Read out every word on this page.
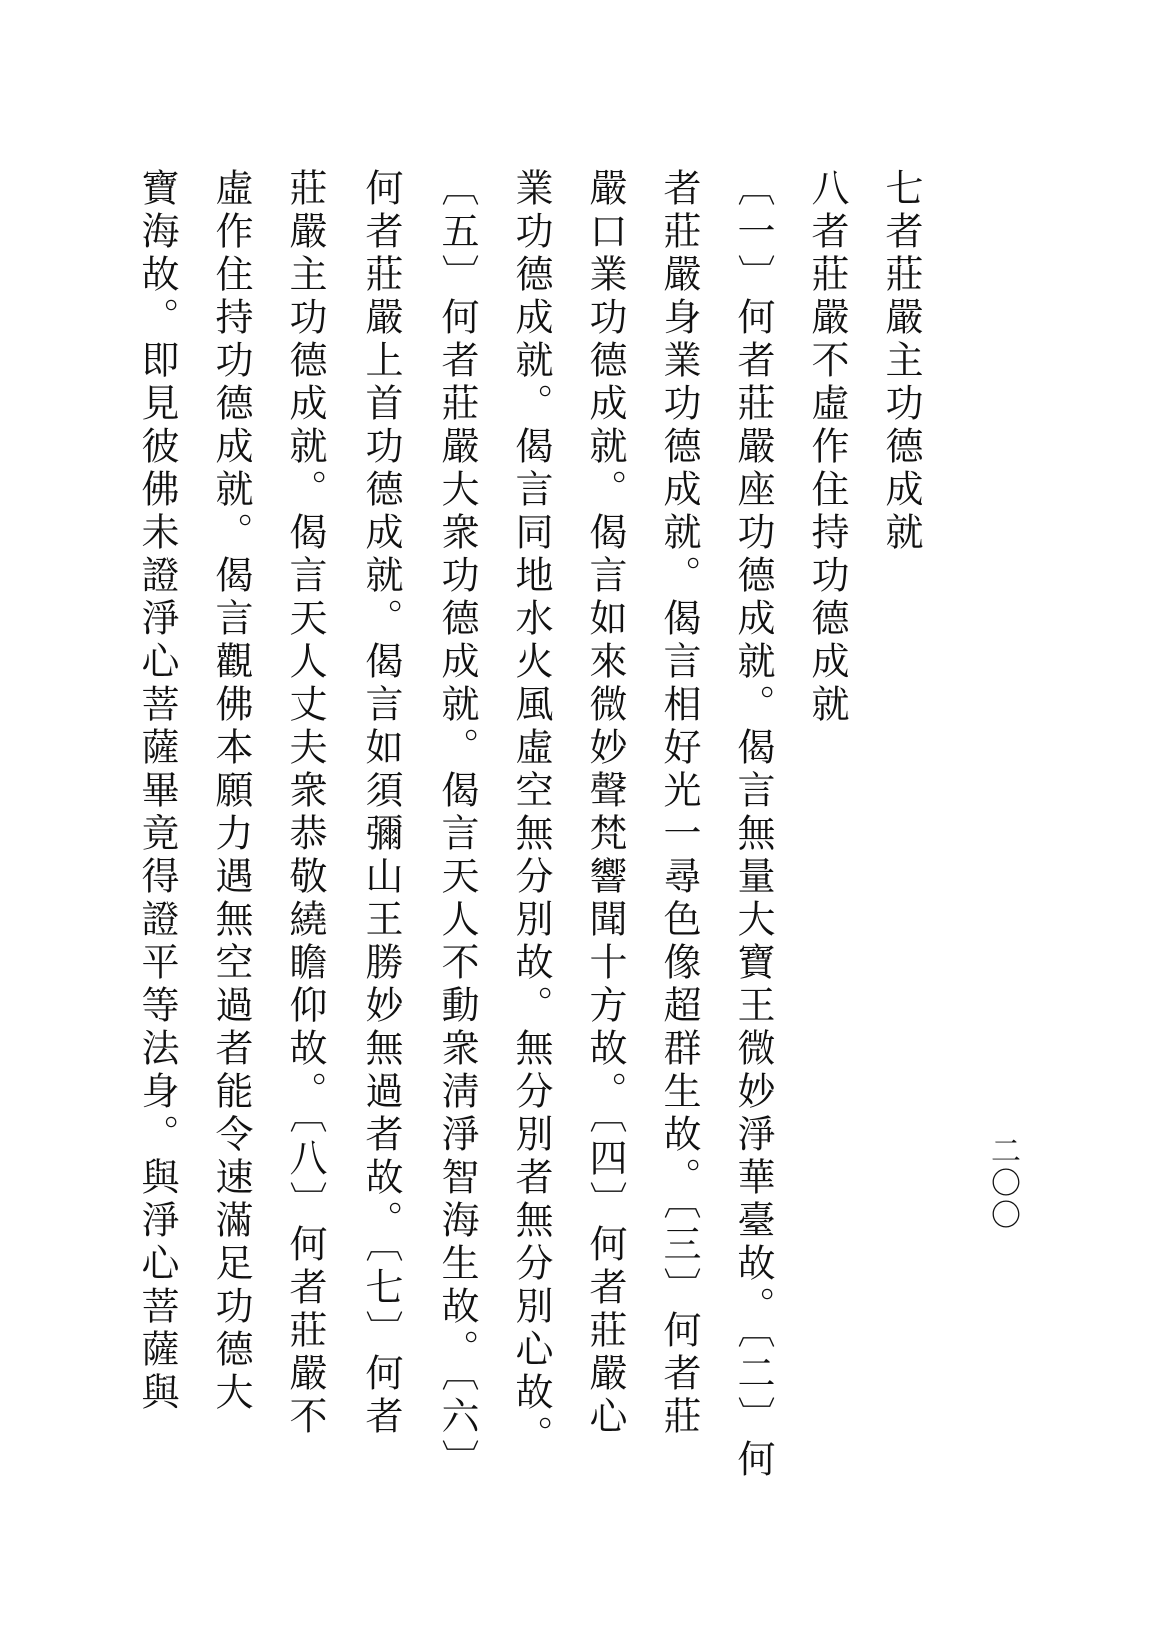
七者莊嚴主功德成就
八者莊嚴不虛作住持功德成就
〔一〕何者莊嚴座功德成就。偈言無量大寶王微妙淨華臺故。〔二〕何
者莊嚴身業功德成就。偈言相好光一尋色像超群生故。〔三〕何者莊
嚴口業功德成就。偈言如來微妙聲梵響聞十方故。〔四〕何者莊嚴心
業功德成就。偈言同地水火風虛空無分別故。無分別者無分別心故。
〔五〕何者莊嚴大衆功德成就。偈言天人不動衆淸淨智海生故。〔六〕
何者莊嚴上首功德成就。偈言如須彌山王勝妙無過者故。〔七〕何者
莊嚴主功德成就。偈言天人丈夫衆恭敬繞瞻仰故。〔八〕何者莊嚴不
虛作住持功德成就。偈言觀佛本願力遇無空過者能令速滿足功德大
寶海故。即見彼佛未證淨心菩薩畢竟得證平等法身。與淨心菩薩與	二〇〇
